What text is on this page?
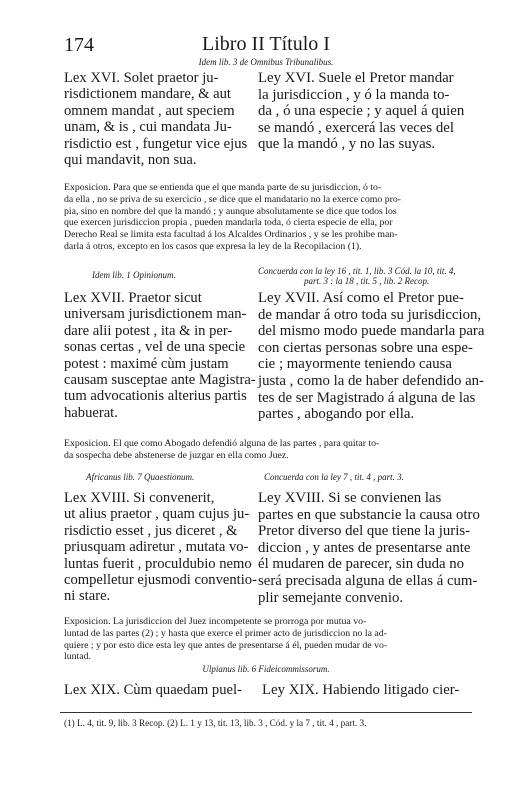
174	Libro II Título I
Idem lib. 3 de Omnibus Tribunalibus.
Lex XVI. Solet praetor ju-
risdictionem mandare, & aut
omnem mandat , aut speciem
unam, & is , cui mandata Ju-
risdictio est , fungetur vice ejus
qui mandavit, non sua.
Ley XVI. Suele el Pretor mandar
la jurisdiccion , y ó la manda to-
da , ó una especie ; y aquel á quien
se mandó , exercerá las veces del
que la mandó , y no las suyas.
Exposicion. Para que se entienda que el que manda parte de su jurisdiccion, ó to-
da ella , no se priva de su exercicio , se dice que el mandatario no la exerce como pro-
pia, sino en nombre del que la mandó ; y aunque absolutamente se dice que todos los
que exercen jurisdiccion propia , pueden mandarla toda, ó cierta especie de ella, por
Derecho Real se limita esta facultad á los Alcaldes Ordinarios , y se les prohibe man-
darla á otros, excepto en los casos que expresa la ley de la Recopilacion (1).
Idem lib. 1 Opinionum.	Concuerda con la ley 16 , tit. 1, lib. 3 Cód. la 10, tit. 4,
part. 3 : la 18 , tit. 5 , lib. 2 Recop.
Lex XVII. Praetor sicut
universam jurisdictionem man-
dare alii potest , ita & in per-
sonas certas , vel de una specie
potest : maximé cùm justam
causam susceptae ante Magistra-
tum advocationis alterius partis
habuerat.
Ley XVII. Así como el Pretor pue-
de mandar á otro toda su jurisdiccion,
del mismo modo puede mandarla para
con ciertas personas sobre una espe-
cie ; mayormente teniendo causa
justa , como la de haber defendido an-
tes de ser Magistrado á alguna de las
partes , abogando por ella.
Exposicion. El que como Abogado defendió alguna de las partes , para quitar to-
da sospecha debe abstenerse de juzgar en ella como Juez.
Africanus lib. 7 Quaestionum.	Concuerda con la ley 7 , tit. 4 , part. 3.
Lex XVIII. Si convenerit,
ut alius praetor , quam cujus ju-
risdictio esset , jus diceret , &
priusquam adiretur , mutata vo-
luntas fuerit , proculdubio nemo
compelletur ejusmodi conventio-
ni stare.
Ley XVIII. Si se convienen las
partes en que substancie la causa otro
Pretor diverso del que tiene la juris-
diccion , y antes de presentarse ante
él mudaren de parecer, sin duda no
será precisada alguna de ellas á cum-
plir semejante convenio.
Exposicion. La jurisdiccion del Juez incompetente se prorroga por mutua vo-
luntad de las partes (2) ; y hasta que exerce el primer acto de jurisdiccion no la ad-
quiere ; y por esto dice esta ley que antes de presentarse á él, pueden mudar de vo-
luntad.
Ulpianus lib. 6 Fideicommissorum.
Lex XIX. Cùm quaedam puel- Ley XIX. Habiendo litigado cier-
(1) L. 4, tit. 9, lib. 3 Recop. (2) L. 1 y 13, tit. 13, lib. 3 , Cód. y la 7 , tit. 4 , part. 3.
